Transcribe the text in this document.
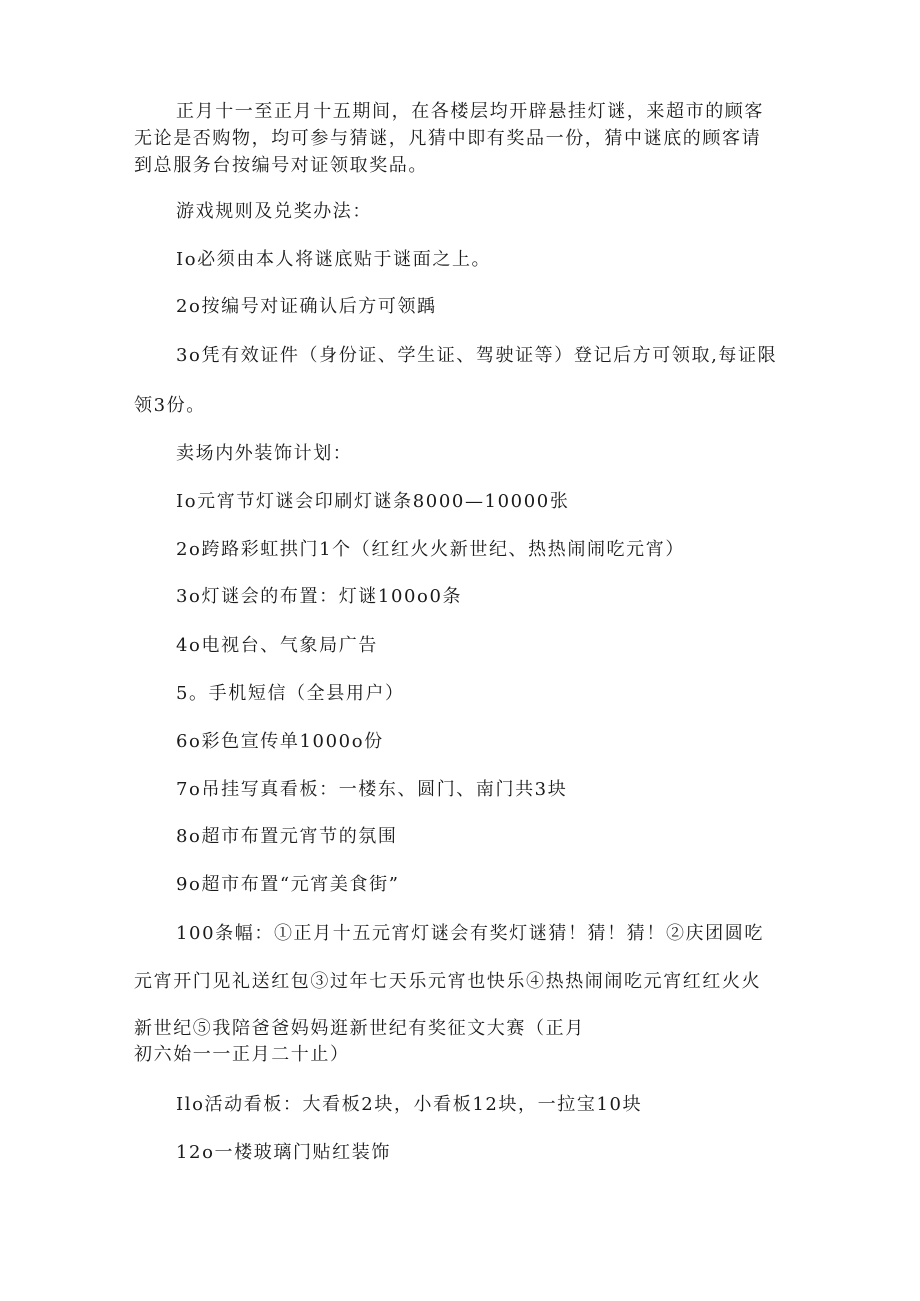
正月十一至正月十五期间，在各楼层均开辟悬挂灯谜，来超市的顾客
无论是否购物，均可参与猜谜，凡猜中即有奖品一份，猜中谜底的顾客请
到总服务台按编号对证领取奖品。

游戏规则及兑奖办法：

Io必须由本人将谜底贴于谜面之上。

2o按编号对证确认后方可领踽

3o凭有效证件（身份证、学生证、驾驶证等）登记后方可领取,每证限

领3份。

卖场内外装饰计划：

Io元宵节灯谜会印刷灯谜条8000—10000张

2o跨路彩虹拱门1个（红红火火新世纪、热热闹闹吃元宵）

3o灯谜会的布置：灯谜100o0条

4o电视台、气象局广告

5。手机短信（全县用户）

6o彩色宣传单1000o份

7o吊挂写真看板：一楼东、圆门、南门共3块

8o超市布置元宵节的氛围

9o超市布置“元宵美食街”

100条幅：①正月十五元宵灯谜会有奖灯谜猜！猜！猜！②庆团圆吃

元宵开门见礼送红包③过年七天乐元宵也快乐④热热闹闹吃元宵红红火火

新世纪⑤我陪爸爸妈妈逛新世纪有奖征文大赛（正月
初六始一一正月二十止）

Ilo活动看板：大看板2块，小看板12块，一拉宝10块

12o一楼玻璃门贴红装饰
